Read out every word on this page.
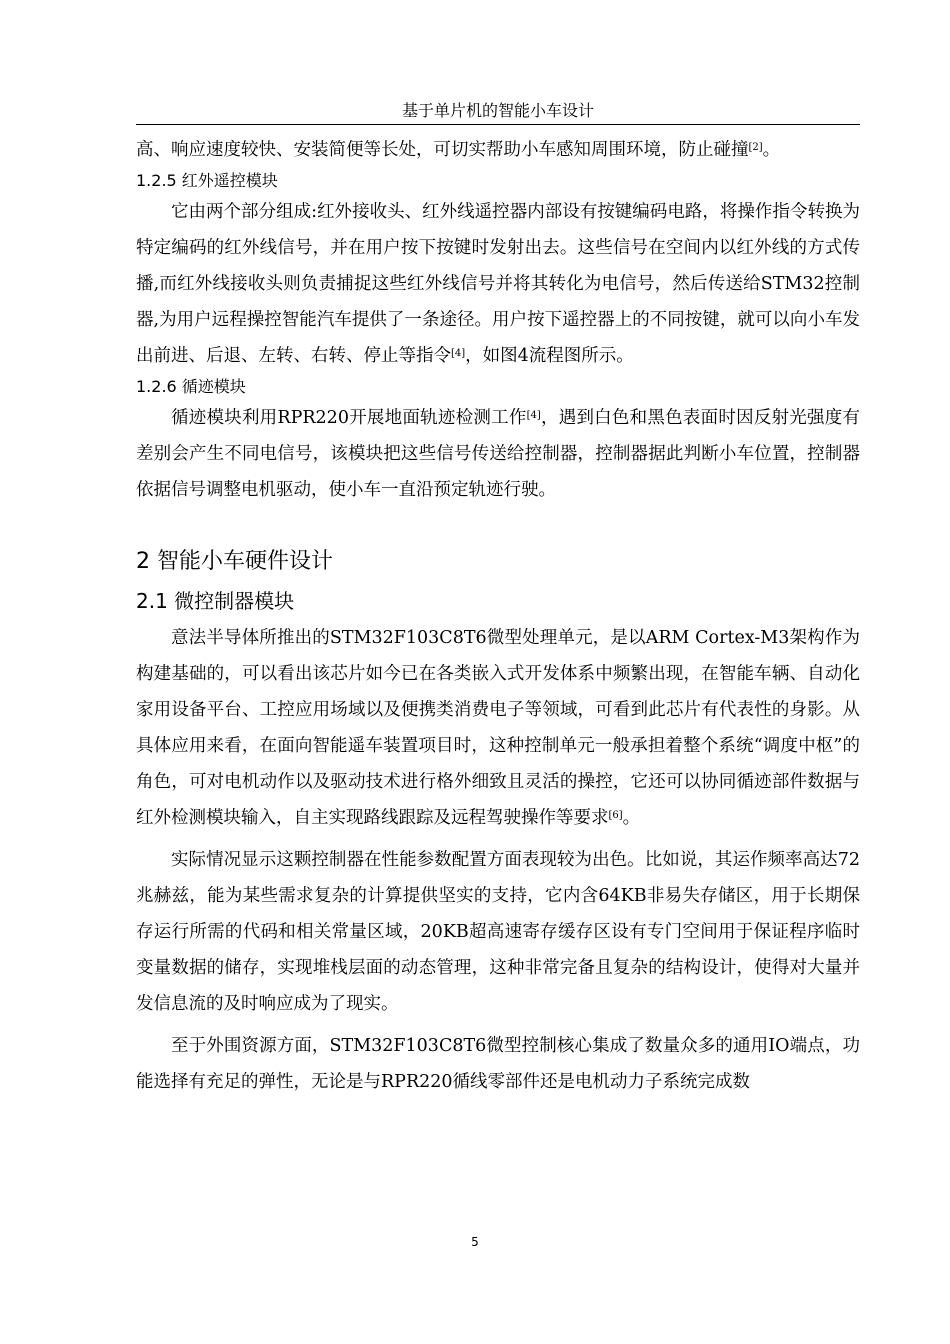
基于单片机的智能小车设计

高、响应速度较快、安装简便等长处，可切实帮助小车感知周围环境，防止碰撞[2]。

1.2.5 红外遥控模块

它由两个部分组成:红外接收头、红外线遥控器内部设有按键编码电路，将操作指令转换为特定编码的红外线信号，并在用户按下按键时发射出去。这些信号在空间内以红外线的方式传播,而红外线接收头则负责捕捉这些红外线信号并将其转化为电信号，然后传送给STM32控制器,为用户远程操控智能汽车提供了一条途径。用户按下遥控器上的不同按键，就可以向小车发出前进、后退、左转、右转、停止等指令[4]，如图4流程图所示。

1.2.6 循迹模块

循迹模块利用RPR220开展地面轨迹检测工作[4]，遇到白色和黑色表面时因反射光强度有差别会产生不同电信号，该模块把这些信号传送给控制器，控制器据此判断小车位置，控制器依据信号调整电机驱动，使小车一直沿预定轨迹行驶。

2 智能小车硬件设计
2.1 微控制器模块

意法半导体所推出的STM32F103C8T6微型处理单元，是以ARM Cortex-M3架构作为构建基础的，可以看出该芯片如今已在各类嵌入式开发体系中频繁出现，在智能车辆、自动化家用设备平台、工控应用场域以及便携类消费电子等领域，可看到此芯片有代表性的身影。从具体应用来看，在面向智能遥车装置项目时，这种控制单元一般承担着整个系统“调度中枢”的角色，可对电机动作以及驱动技术进行格外细致且灵活的操控，它还可以协同循迹部件数据与红外检测模块输入，自主实现路线跟踪及远程驾驶操作等要求[6]。

实际情况显示这颗控制器在性能参数配置方面表现较为出色。比如说，其运作频率高达72兆赫兹，能为某些需求复杂的计算提供坚实的支持，它内含64KB非易失存储区，用于长期保存运行所需的代码和相关常量区域，20KB超高速寄存缓存区设有专门空间用于保证程序临时变量数据的储存，实现堆栈层面的动态管理，这种非常完备且复杂的结构设计，使得对大量并发信息流的及时响应成为了现实。

至于外围资源方面，STM32F103C8T6微型控制核心集成了数量众多的通用IO端点，功能选择有充足的弹性，无论是与RPR220循线零部件还是电机动力子系统完成数

5
